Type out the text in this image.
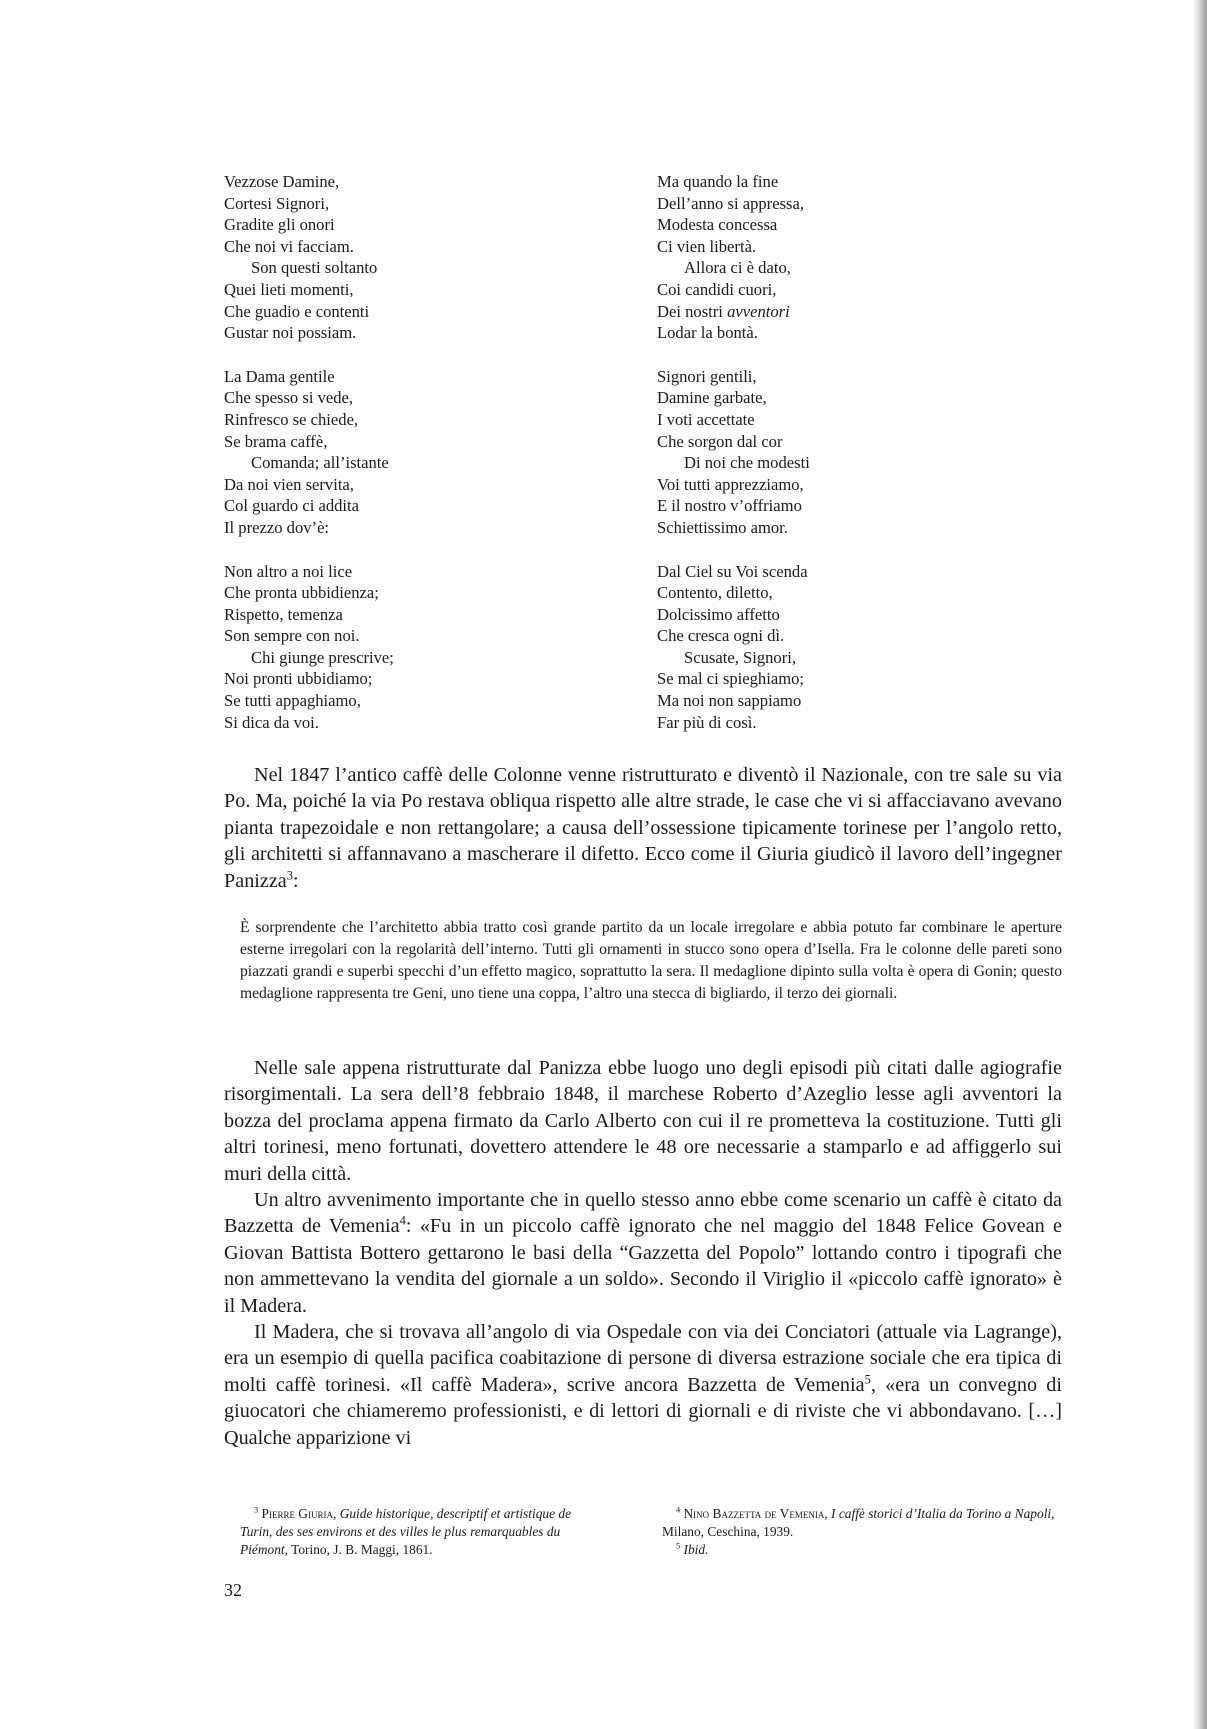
Vezzose Damine,
Cortesi Signori,
Gradite gli onori
Che noi vi facciam.
Son questi soltanto
Quei lieti momenti,
Che guadio e contenti
Gustar noi possiam.
La Dama gentile
Che spesso si vede,
Rinfresco se chiede,
Se brama caffè,
Comanda; all’istante
Da noi vien servita,
Col guardo ci addita
Il prezzo dov’è:
Non altro a noi lice
Che pronta ubbidienza;
Rispetto, temenza
Son sempre con noi.
Chi giunge prescrive;
Noi pronti ubbidiamo;
Se tutti appaghiamo,
Si dica da voi.
Ma quando la fine
Dell’anno si appressa,
Modesta concessa
Ci vien libertà.
Allora ci è dato,
Coi candidi cuori,
Dei nostri avventori
Lodar la bontà.
Signori gentili,
Damine garbate,
I voti accettate
Che sorgon dal cor
Di noi che modesti
Voi tutti apprezziamo,
E il nostro v’offriamo
Schiettissimo amor.
Dal Ciel su Voi scenda
Contento, diletto,
Dolcissimo affetto
Che cresca ogni dì.
Scusate, Signori,
Se mal ci spieghiamo;
Ma noi non sappiamo
Far più di così.

Nel 1847 l’antico caffè delle Colonne venne ristrutturato e diventò il Nazionale, con tre sale su via Po. Ma, poiché la via Po restava obliqua rispetto alle altre strade, le case che vi si affacciavano avevano pianta trapezoidale e non rettangolare; a causa dell’ossessione tipicamente torinese per l’angolo retto, gli architetti si affannavano a mascherare il difetto. Ecco come il Giuria giudicò il lavoro dell’ingegner Panizza$^3$:

È sorprendente che l’architetto abbia tratto così grande partito da un locale irregolare e abbia potuto far combinare le aperture esterne irregolari con la regolarità dell’interno. Tutti gli ornamenti in stucco sono opera d’Isella. Fra le colonne delle pareti sono piazzati grandi e superbi specchi d’un effetto magico, soprattutto la sera. Il medaglione dipinto sulla volta è opera di Gonin; questo medaglione rappresenta tre Geni, uno tiene una coppa, l’altro una stecca di bigliardo, il terzo dei giornali.

Nelle sale appena ristrutturate dal Panizza ebbe luogo uno degli episodi più citati dalle agiografie risorgimentali. La sera dell’8 febbraio 1848, il marchese Roberto d’Azeglio lesse agli avventori la bozza del proclama appena firmato da Carlo Alberto con cui il re prometteva la costituzione. Tutti gli altri torinesi, meno fortunati, dovettero attendere le 48 ore necessarie a stamparlo e ad affiggerlo sui muri della città.

Un altro avvenimento importante che in quello stesso anno ebbe come scenario un caffè è citato da Bazzetta de Vemenia$^4$: «Fu in un piccolo caffè ignorato che nel maggio del 1848 Felice Govean e Giovan Battista Bottero gettarono le basi della “Gazzetta del Popolo” lottando contro i tipografi che non ammettevano la vendita del giornale a un soldo». Secondo il Viriglio il «piccolo caffè ignorato» è il Madera.

Il Madera, che si trovava all’angolo di via Ospedale con via dei Conciatori (attuale via Lagrange), era un esempio di quella pacifica coabitazione di persone di diversa estrazione sociale che era tipica di molti caffè torinesi. «Il caffè Madera», scrive ancora Bazzetta de Vemenia$^5$, «era un convegno di giuocatori che chiameremo professionisti, e di lettori di giornali e di riviste che vi abbondavano. […] Qualche apparizione vi

$^3$ Pierre Giuria, Guide historique, descriptif et artistique de Turin, des ses environs et des villes le plus remarquables du Piémont, Torino, J. B. Maggi, 1861.

$^4$ Nino Bazzetta de Vemenia, I caffè storici d’Italia da Torino a Napoli, Milano, Ceschina, 1939.

$^5$ Ibid.

32
